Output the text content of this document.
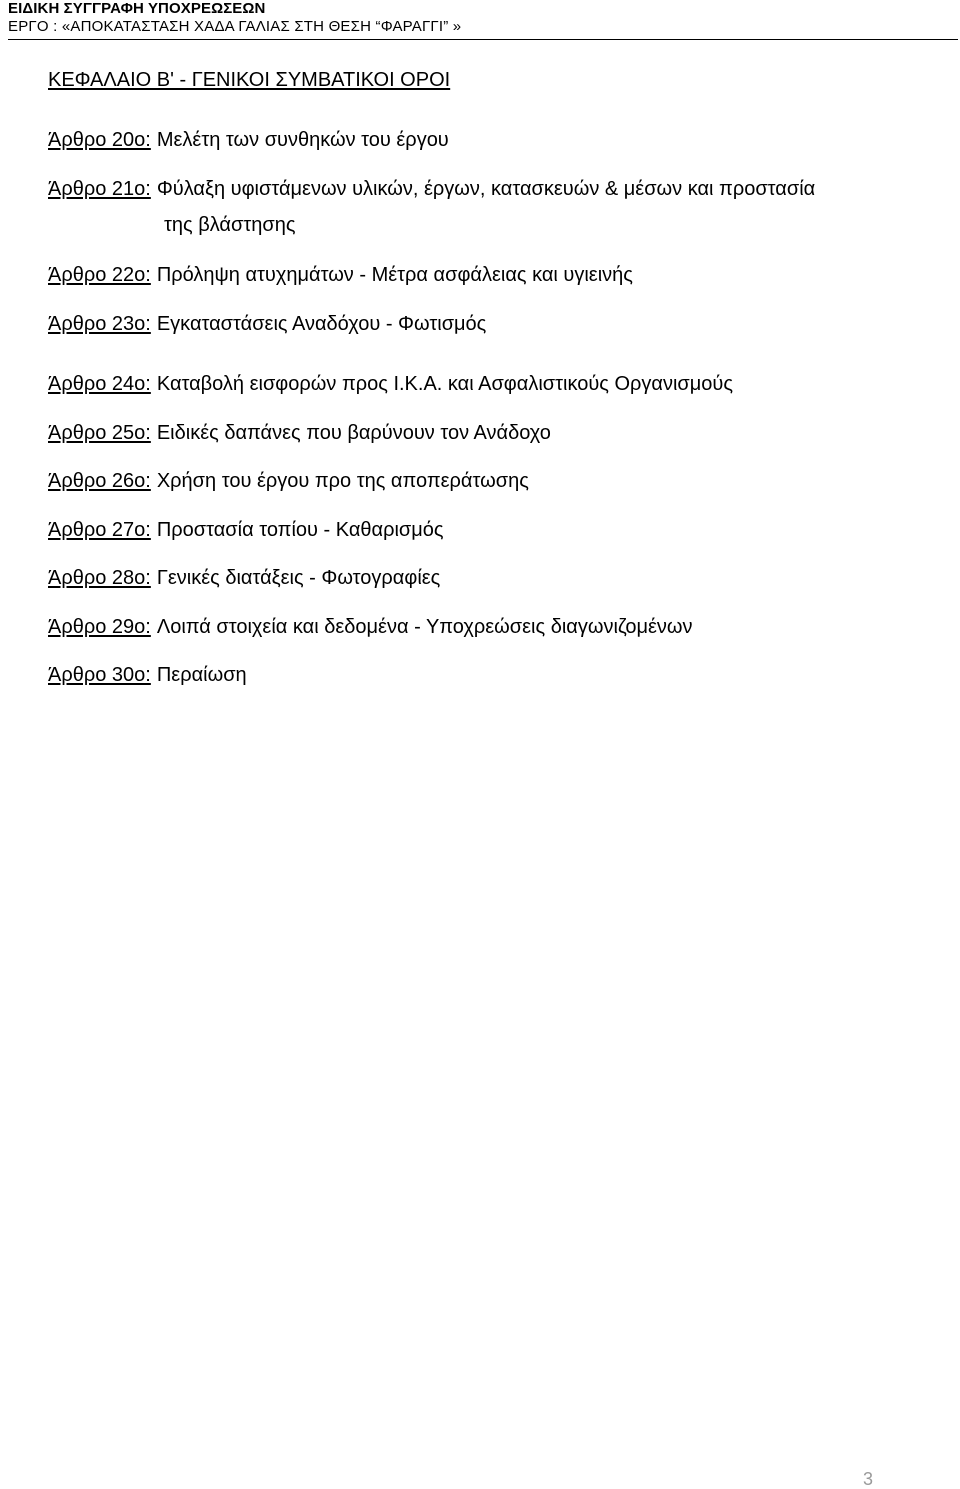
ΕΙΔΙΚΗ ΣΥΓΓΡΑΦΗ ΥΠΟΧΡΕΩΣΕΩΝ

ΕΡΓΟ : «ΑΠΟΚΑΤΑΣΤΑΣΗ ΧΑΔΑ ΓΑΛΙΑΣ ΣΤΗ ΘΕΣΗ “ΦΑΡΑΓΓΙ” »

ΚΕΦΑΛΑΙΟ Β' - ΓΕΝΙΚΟΙ ΣΥΜΒΑΤΙΚΟΙ ΟΡΟΙ

Άρθρο 20ο: Μελέτη των συνθηκών του έργου
Άρθρο 21ο: Φύλαξη υφιστάμενων υλικών, έργων, κατασκευών & μέσων και προστασία
της βλάστησης
Άρθρο 22ο: Πρόληψη ατυχημάτων - Μέτρα ασφάλειας και υγιεινής
Άρθρο 23ο: Εγκαταστάσεις Αναδόχου - Φωτισμός
Άρθρο 24ο: Καταβολή εισφορών προς Ι.Κ.Α. και Ασφαλιστικούς Οργανισμούς
Άρθρο 25ο: Ειδικές δαπάνες που βαρύνουν τον Ανάδοχο
Άρθρο 26ο: Χρήση του έργου προ της αποπεράτωσης
Άρθρο 27ο: Προστασία τοπίου - Καθαρισμός
Άρθρο 28ο: Γενικές διατάξεις - Φωτογραφίες
Άρθρο 29ο: Λοιπά στοιχεία και δεδομένα - Υποχρεώσεις διαγωνιζομένων
Άρθρο 30ο: Περαίωση
3
